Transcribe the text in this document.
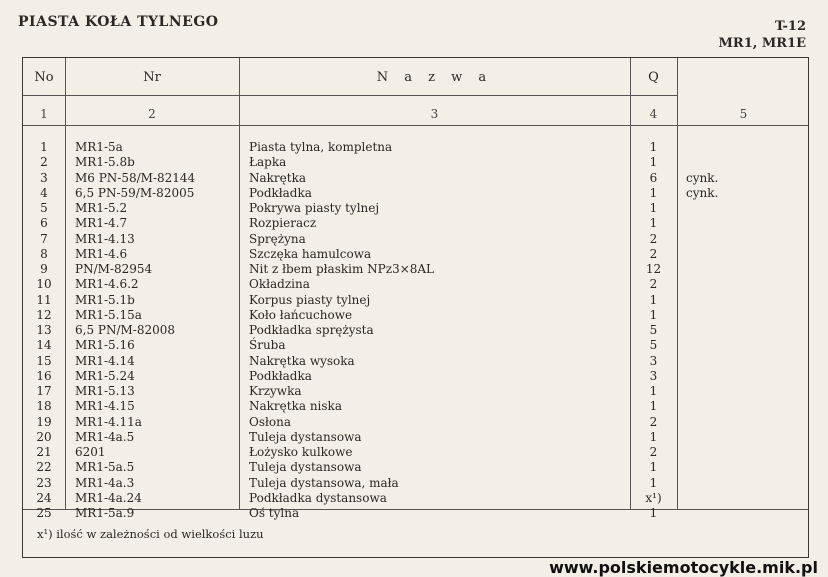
PIASTA KOŁA TYLNEGO	T-12
MR1, MR1E
No	Nr	N a z w a	Q
1	2	3	4	5
1	MR1-5a	Piasta tylna, kompletna	1
2	MR1-5.8b	Łapka	1
3	M6 PN-58/M-82144	Nakrętka	6	cynk.
4	6,5 PN-59/M-82005	Podkładka	1	cynk.
5	MR1-5.2	Pokrywa piasty tylnej	1
6	MR1-4.7	Rozpieracz	1
7	MR1-4.13	Sprężyna	2
8	MR1-4.6	Szczęka hamulcowa	2
9	PN/M-82954	Nit z łbem płaskim NPz3×8AL	12
10	MR1-4.6.2	Okładzina	2
11	MR1-5.1b	Korpus piasty tylnej	1
12	MR1-5.15a	Koło łańcuchowe	1
13	6,5 PN/M-82008	Podkładka sprężysta	5
14	MR1-5.16	Śruba	5
15	MR1-4.14	Nakrętka wysoka	3
16	MR1-5.24	Podkładka	3
17	MR1-5.13	Krzywka	1
18	MR1-4.15	Nakrętka niska	1
19	MR1-4.11a	Osłona	2
20	MR1-4a.5	Tuleja dystansowa	1
21	6201	Łożysko kulkowe	2
22	MR1-5a.5	Tuleja dystansowa	1
23	MR1-4a.3	Tuleja dystansowa, mała	1
24	MR1-4a.24	Podkładka dystansowa	x¹)
25	MR1-5a.9	Oś tylna	1
x¹) ilość w zależności od wielkości luzu
www.polskiemotocykle.mik.pl
